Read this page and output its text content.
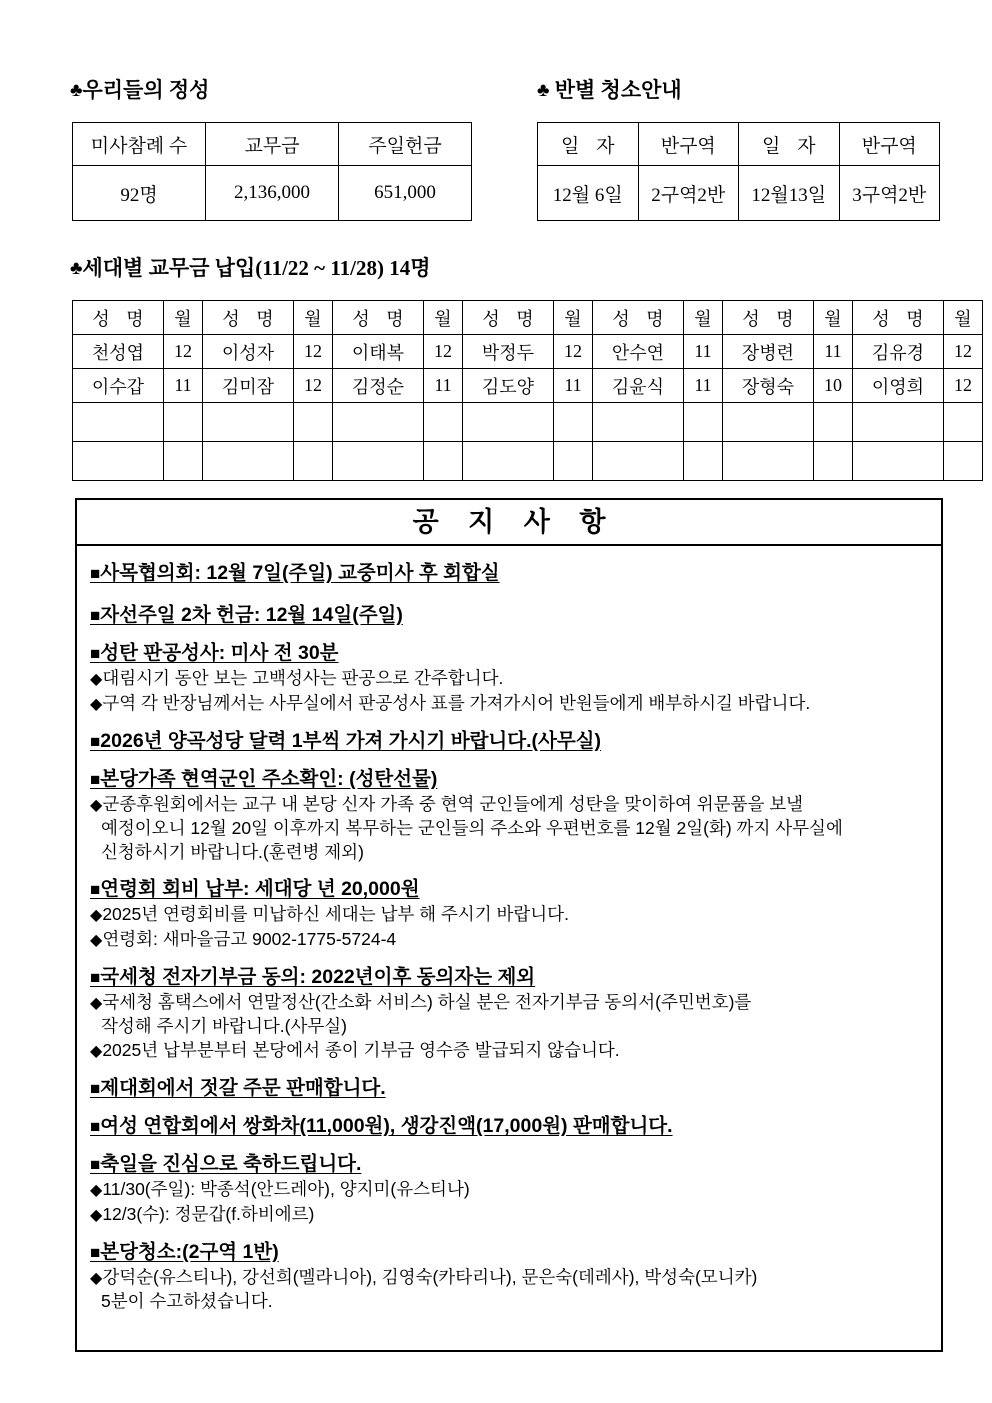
♣우리들의 정성
미사참례 수	교무금	주일헌금
92명	2,136,000	651,000
♣ 반별 청소안내
일 자	반구역	일 자	반구역
12월 6일	2구역2반	12월13일	3구역2반
♣세대별 교무금 납입(11/22 ~ 11/28) 14명
성 명	월	성 명	월	성 명	월	성 명	월	성 명	월	성 명	월	성 명	월
천성엽	12	이성자	12	이태복	12	박정두	12	안수연	11	장병련	11	김유경	12
이수갑	11	김미잠	12	김정순	11	김도양	11	김윤식	11	장형숙	10	이영희	12

공 지 사 항
■사목협의회: 12월 7일(주일) 교중미사 후 회합실
■자선주일 2차 헌금: 12월 14일(주일)
■성탄 판공성사: 미사 전 30분

◆대림시기 동안 보는 고백성사는 판공으로 간주합니다.

◆구역 각 반장님께서는 사무실에서 판공성사 표를 가져가시어 반원들에게 배부하시길 바랍니다.

■2026년 양곡성당 달력 1부씩 가져 가시기 바랍니다.(사무실)
■본당가족 현역군인 주소확인: (성탄선물)

◆군종후원회에서는 교구 내 본당 신자 가족 중 현역 군인들에게 성탄을 맞이하여 위문품을 보낼

예정이오니 12월 20일 이후까지 복무하는 군인들의 주소와 우편번호를 12월 2일(화) 까지 사무실에

신청하시기 바랍니다.(훈련병 제외)

■연령회 회비 납부: 세대당 년 20,000원

◆2025년 연령회비를 미납하신 세대는 납부 해 주시기 바랍니다.

◆연령회: 새마을금고 9002-1775-5724-4

■국세청 전자기부금 동의: 2022년이후 동의자는 제외

◆국세청 홈택스에서 연말정산(간소화 서비스) 하실 분은 전자기부금 동의서(주민번호)를

작성해 주시기 바랍니다.(사무실)

◆2025년 납부분부터 본당에서 종이 기부금 영수증 발급되지 않습니다.

■제대회에서 젓갈 주문 판매합니다.
■여성 연합회에서 쌍화차(11,000원), 생강진액(17,000원) 판매합니다.
■축일을 진심으로 축하드립니다.

◆11/30(주일): 박종석(안드레아), 양지미(유스티나)

◆12/3(수): 정문갑(f.하비에르)

■본당청소:(2구역 1반)

◆강덕순(유스티나), 강선희(멜라니아), 김영숙(카타리나), 문은숙(데레사), 박성숙(모니카)

5분이 수고하셨습니다.
